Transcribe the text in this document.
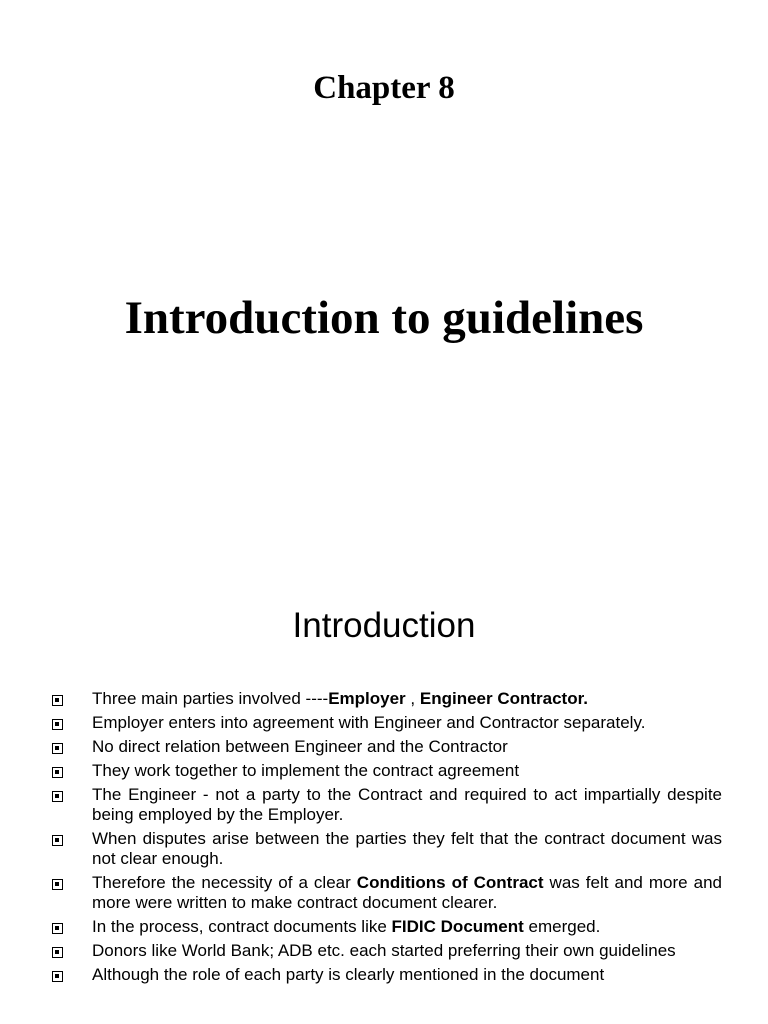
Chapter 8
Introduction to guidelines
Introduction
Three main parties involved ----Employer , Engineer Contractor.
Employer enters into agreement with Engineer and Contractor separately.
No direct relation between Engineer and the Contractor
They work together to implement the contract agreement
The Engineer - not a party to the Contract and required to act impartially despite being employed by the Employer.
When disputes arise between the parties they felt that the contract document was not clear enough.
Therefore the necessity of a clear Conditions of Contract was felt and more and more were written to make contract document clearer.
In the process, contract documents like FIDIC Document emerged.
Donors like World Bank; ADB etc. each started preferring their own guidelines
Although the role of each party is clearly mentioned in the document
